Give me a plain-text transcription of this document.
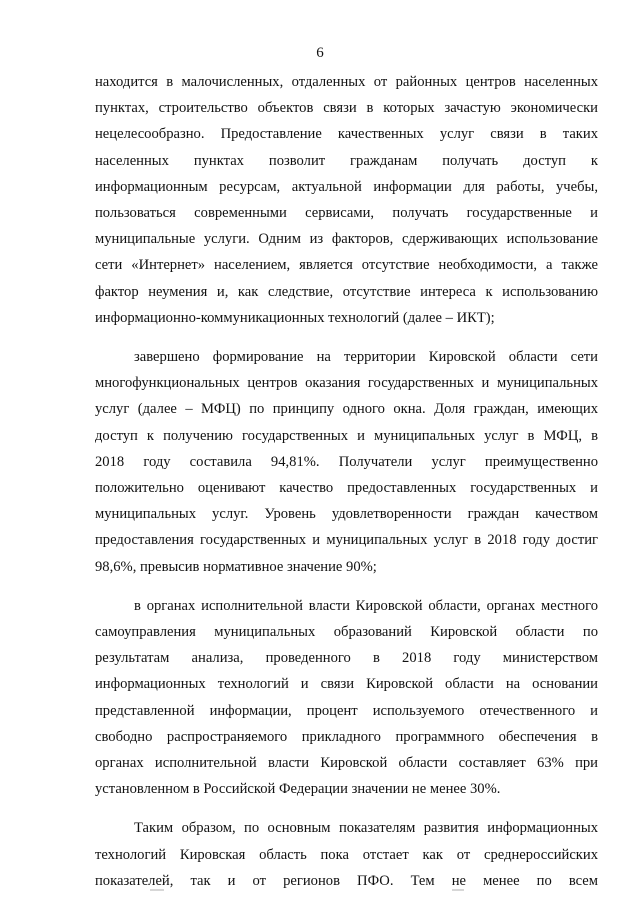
6

находится в малочисленных, отдаленных от районных центров населенных
пунктах, строительство объектов связи в которых зачастую экономически
нецелесообразно. Предоставление качественных услуг связи в таких
населенных пунктах позволит гражданам получать доступ к
информационным ресурсам, актуальной информации для работы, учебы,
пользоваться современными сервисами, получать государственные и
муниципальные услуги. Одним из факторов, сдерживающих использование
сети «Интернет» населением, является отсутствие необходимости, а также
фактор неумения и, как следствие, отсутствие интереса к использованию
информационно-коммуникационных технологий (далее – ИКТ);

завершено формирование на территории Кировской области сети
многофункциональных центров оказания государственных и муниципальных
услуг (далее – МФЦ) по принципу одного окна. Доля граждан, имеющих
доступ к получению государственных и муниципальных услуг в МФЦ, в
2018 году составила 94,81%. Получатели услуг преимущественно
положительно оценивают качество предоставленных государственных и
муниципальных услуг. Уровень удовлетворенности граждан качеством
предоставления государственных и муниципальных услуг в 2018 году достиг
98,6%, превысив нормативное значение 90%;

в органах исполнительной власти Кировской области, органах местного
самоуправления муниципальных образований Кировской области по
результатам анализа, проведенного в 2018 году министерством
информационных технологий и связи Кировской области на основании
представленной информации, процент используемого отечественного и
свободно распространяемого прикладного программного обеспечения в
органах исполнительной власти Кировской области составляет 63% при
установленном в Российской Федерации значении не менее 30%.

Таким образом, по основным показателям развития информационных
технологий Кировская область пока отстает как от среднероссийских
показателей, так и от регионов ПФО. Тем не менее по всем
